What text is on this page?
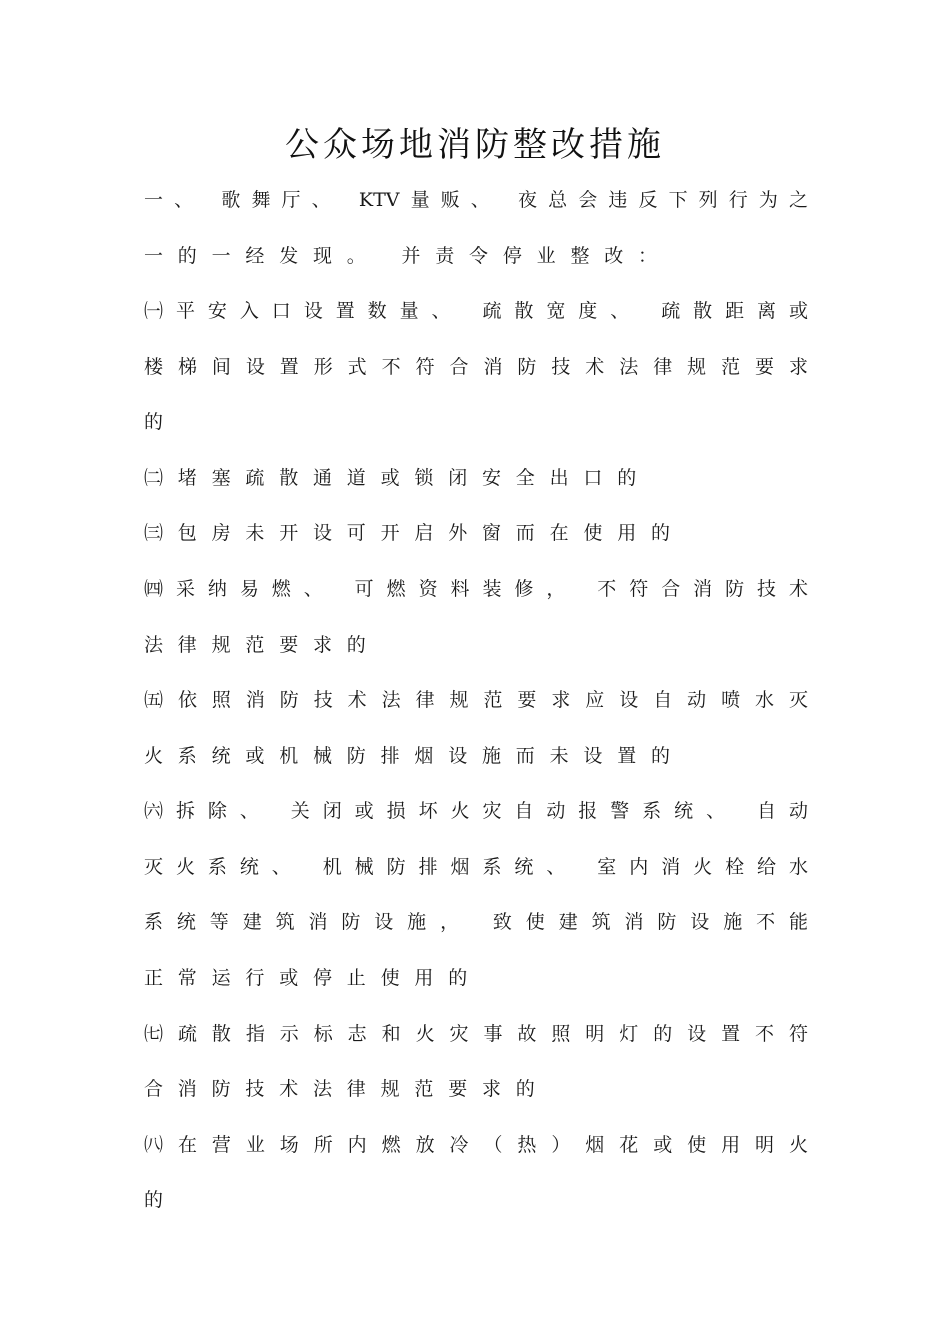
公众场地消防整改措施
一、 歌舞厅、 KTV量贩、 夜总会违反下列行为之
一的一经发现。 并责令停业整改：
㈠平安入口设置数量、 疏散宽度、 疏散距离或
楼梯间设置形式不符合消防技术法律规范要求
的
㈡堵塞疏散通道或锁闭安全出口的
㈢包房未开设可开启外窗而在使用的
㈣采纳易燃、 可燃资料装修， 不符合消防技术
法律规范要求的
㈤依照消防技术法律规范要求应设自动喷水灭
火系统或机械防排烟设施而未设置的
㈥拆除、 关闭或损坏火灾自动报警系统、 自动
灭火系统、 机械防排烟系统、 室内消火栓给水
系统等建筑消防设施， 致使建筑消防设施不能
正常运行或停止使用的
㈦疏散指示标志和火灾事故照明灯的设置不符
合消防技术法律规范要求的
㈧在营业场所内燃放冷（热）烟花或使用明火
的
